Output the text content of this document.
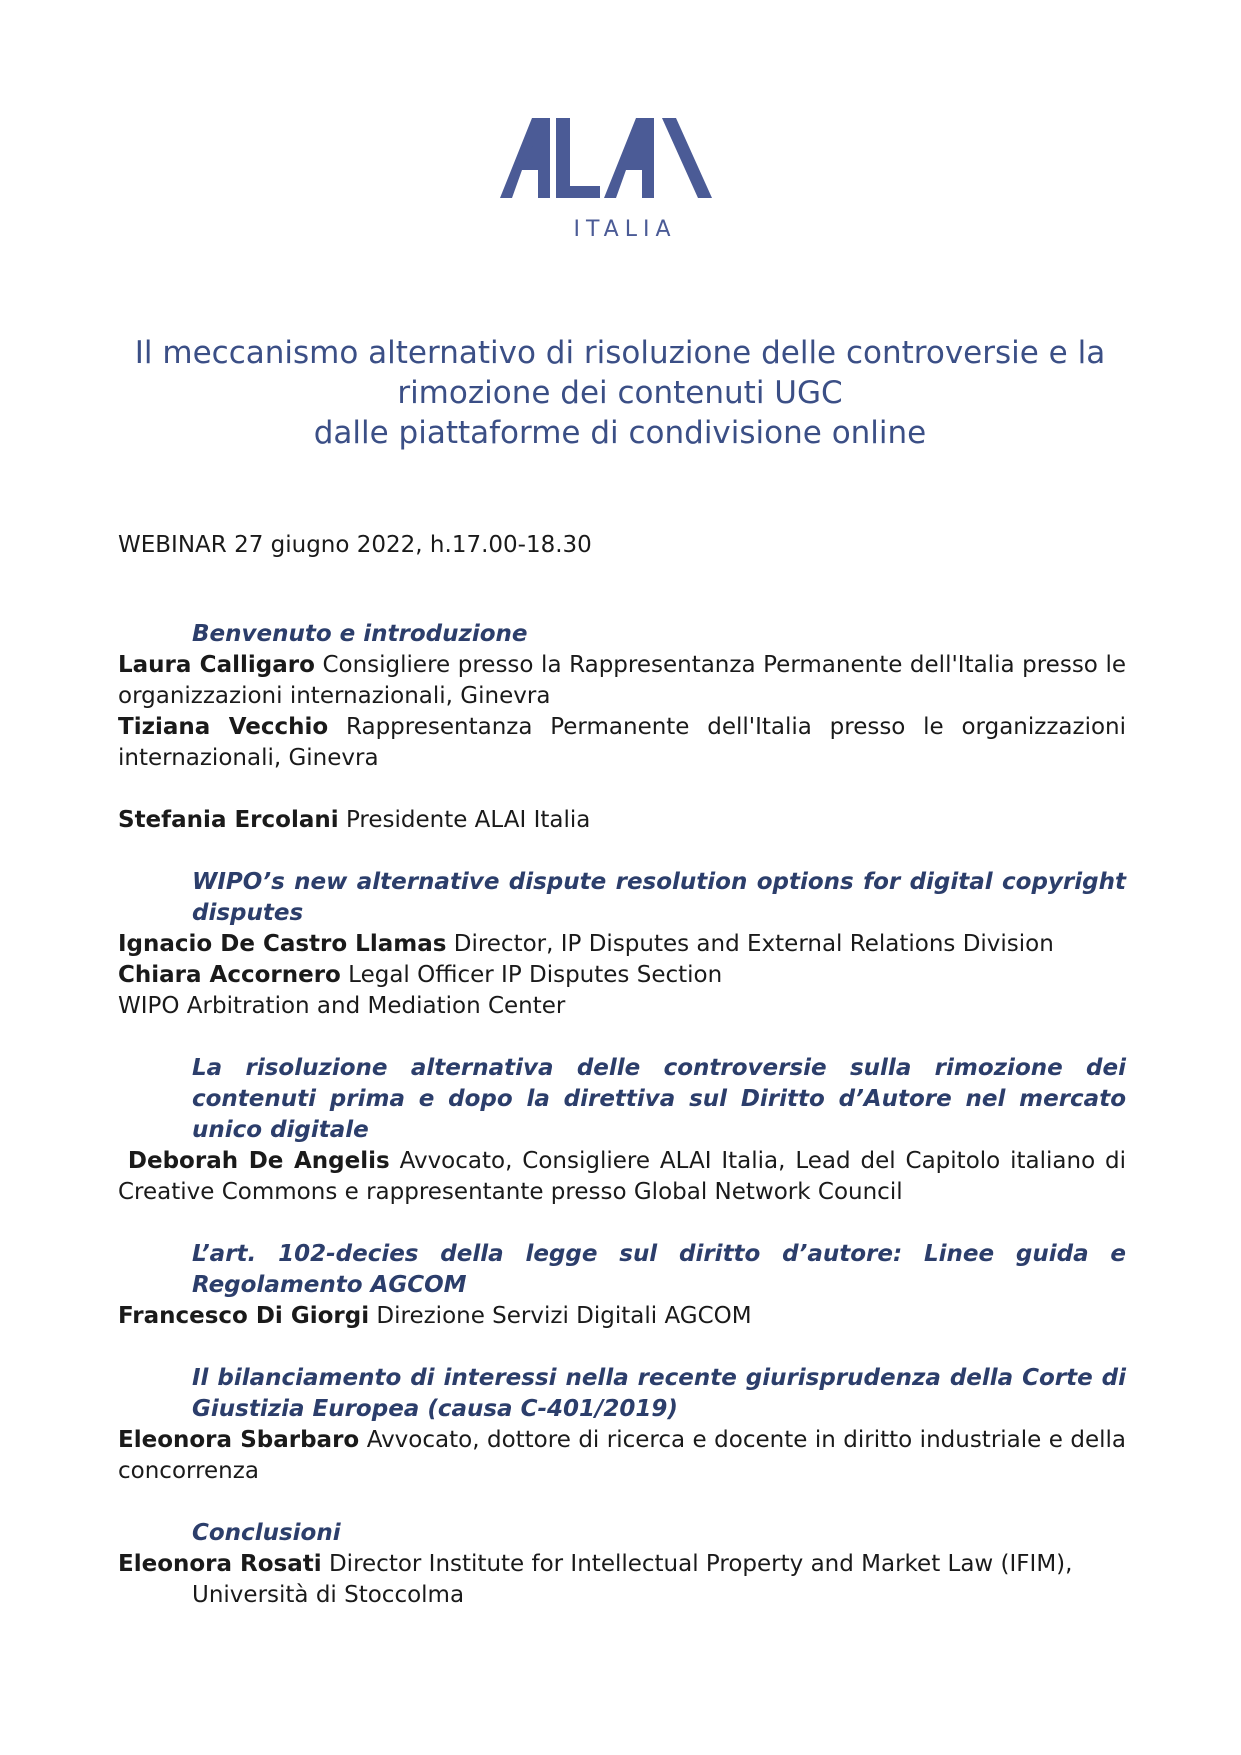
ITALIA
Il meccanismo alternativo di risoluzione delle controversie e la
rimozione dei contenuti UGC
dalle piattaforme di condivisione online
WEBINAR 27 giugno 2022, h.17.00-18.30
Benvenuto e introduzione
Laura Calligaro Consigliere presso la Rappresentanza Permanente dell'Italia presso le organizzazioni internazionali, Ginevra
Tiziana Vecchio Rappresentanza Permanente dell'Italia presso le organizzazioni internazionali, Ginevra
Stefania Ercolani Presidente ALAI Italia
WIPO’s new alternative dispute resolution options for digital copyright disputes
Ignacio De Castro Llamas Director, IP Disputes and External Relations Division
Chiara Accornero Legal Officer IP Disputes Section
WIPO Arbitration and Mediation Center
La risoluzione alternativa delle controversie sulla rimozione dei contenuti prima e dopo la direttiva sul Diritto d’Autore nel mercato unico digitale
Deborah De Angelis Avvocato, Consigliere ALAI Italia, Lead del Capitolo italiano di Creative Commons e rappresentante presso Global Network Council
L’art. 102-decies della legge sul diritto d’autore: Linee guida e Regolamento AGCOM
Francesco Di Giorgi Direzione Servizi Digitali AGCOM
Il bilanciamento di interessi nella recente giurisprudenza della Corte di Giustizia Europea (causa C-401/2019)
Eleonora Sbarbaro Avvocato, dottore di ricerca e docente in diritto industriale e della concorrenza
Conclusioni
Eleonora Rosati Director Institute for Intellectual Property and Market Law (IFIM),
Università di Stoccolma
